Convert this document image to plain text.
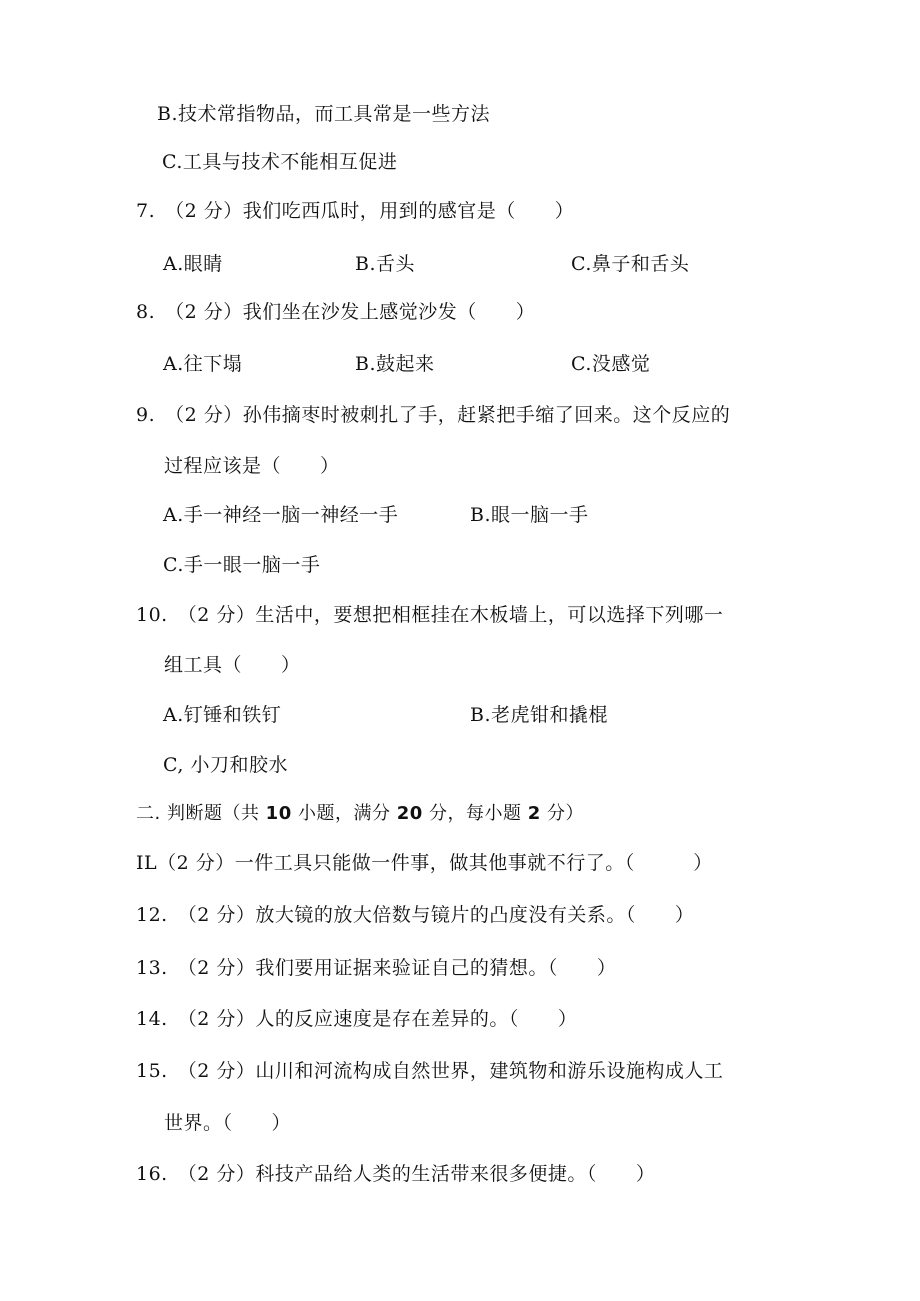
B.技术常指物品，而工具常是一些方法
C.工具与技术不能相互促进
7.　（2 分）我们吃西瓜时，用到的感官是（　　）
A.眼睛	B.舌头	C.鼻子和舌头
8.　（2 分）我们坐在沙发上感觉沙发（　　）
A.往下塌	B.鼓起来	C.没感觉
9.　（2 分）孙伟摘枣时被刺扎了手，赶紧把手缩了回来。这个反应的
过程应该是（　　）
A.手一神经一脑一神经一手	B.眼一脑一手
C.手一眼一脑一手
10.　（2 分）生活中，要想把相框挂在木板墙上，可以选择下列哪一
组工具（　　）
A.钉锤和铁钉	B.老虎钳和撬棍
C, 小刀和胶水
二. 判断题（共 10 小题，满分 20 分，每小题 2 分）
IL（2 分）一件工具只能做一件事，做其他事就不行了。（　　　）
12.　（2 分）放大镜的放大倍数与镜片的凸度没有关系。（　　）
13.　（2 分）我们要用证据来验证自己的猜想。（　　）
14.　（2 分）人的反应速度是存在差异的。（　　）
15.　（2 分）山川和河流构成自然世界，建筑物和游乐设施构成人工
世界。（　　）
16.　（2 分）科技产品给人类的生活带来很多便捷。（　　）
